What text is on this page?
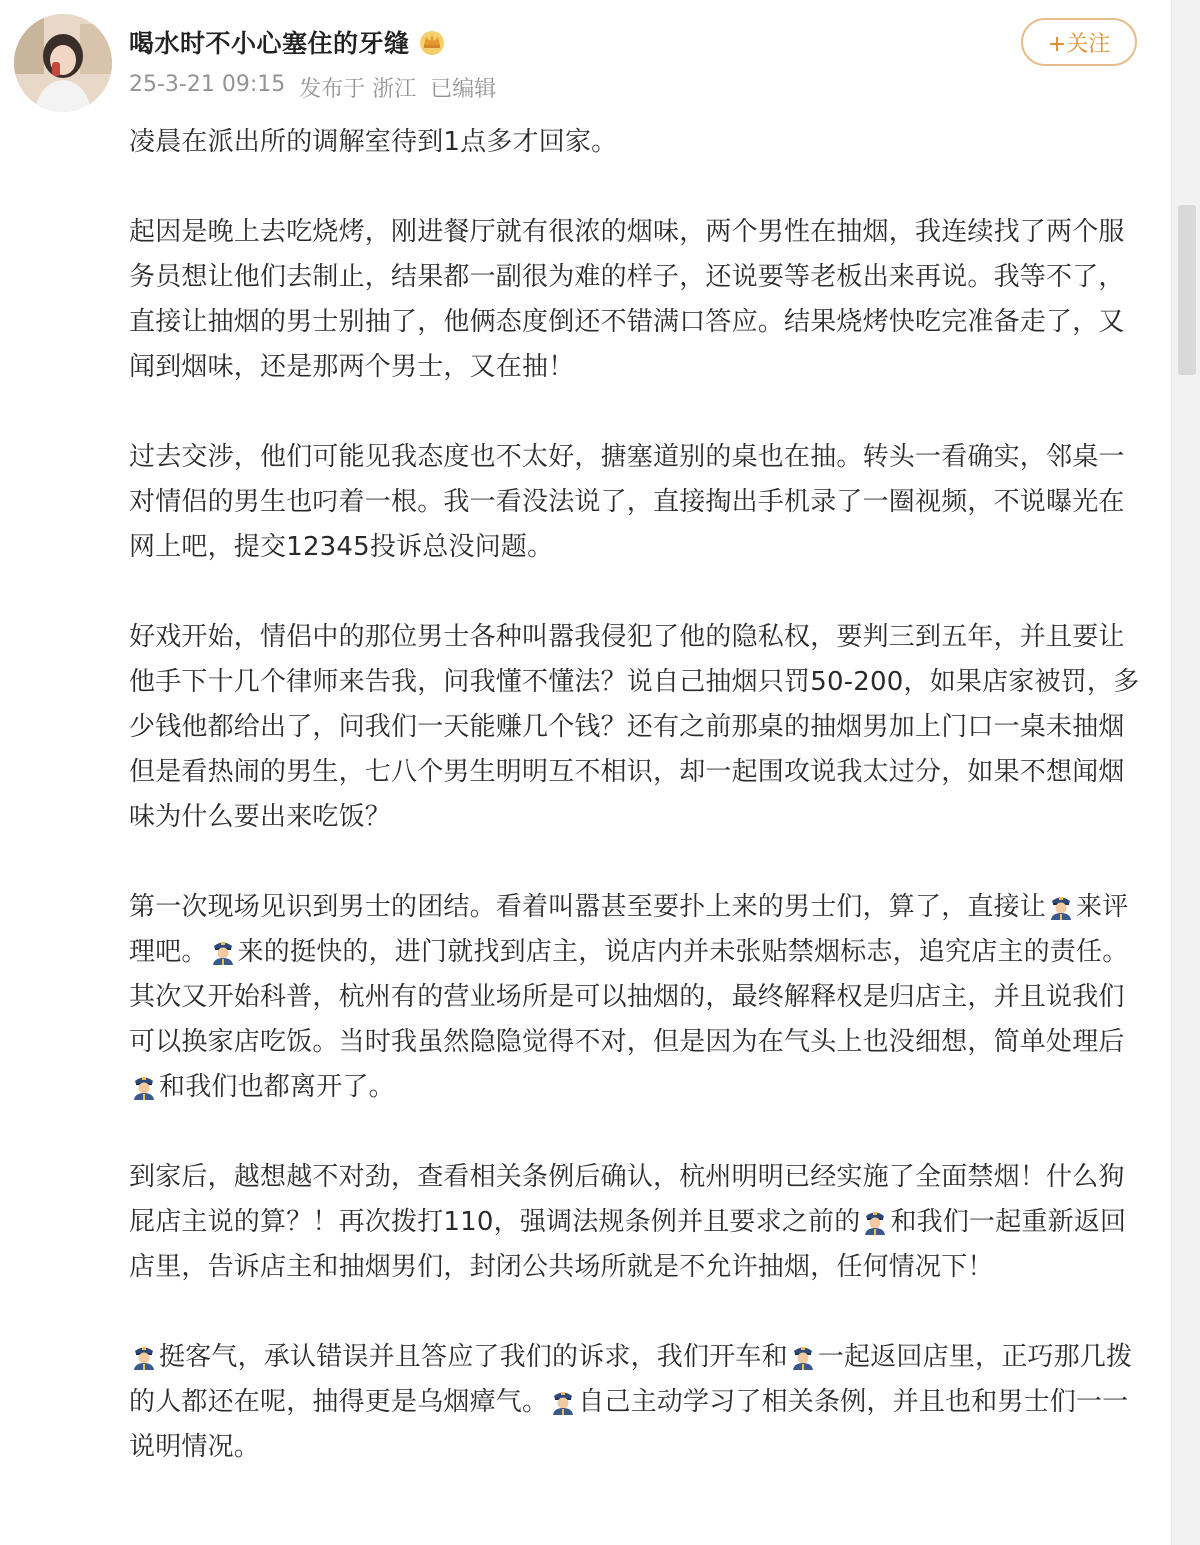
喝水时不小心塞住的牙缝
25-3-21 09:15 发布于 浙江 已编辑
+关注

凌晨在派出所的调解室待到1点多才回家。

起因是晚上去吃烧烤，刚进餐厅就有很浓的烟味，两个男性在抽烟，我连续找了两个服务员想让他们去制止，结果都一副很为难的样子，还说要等老板出来再说。我等不了，直接让抽烟的男士别抽了，他俩态度倒还不错满口答应。结果烧烤快吃完准备走了，又闻到烟味，还是那两个男士，又在抽！

过去交涉，他们可能见我态度也不太好，搪塞道别的桌也在抽。转头一看确实，邻桌一对情侣的男生也叼着一根。我一看没法说了，直接掏出手机录了一圈视频，不说曝光在网上吧，提交12345投诉总没问题。

好戏开始，情侣中的那位男士各种叫嚣我侵犯了他的隐私权，要判三到五年，并且要让他手下十几个律师来告我，问我懂不懂法？说自己抽烟只罚50-200，如果店家被罚，多少钱他都给出了，问我们一天能赚几个钱？还有之前那桌的抽烟男加上门口一桌未抽烟但是看热闹的男生，七八个男生明明互不相识，却一起围攻说我太过分，如果不想闻烟味为什么要出来吃饭？

第一次现场见识到男士的团结。看着叫嚣甚至要扑上来的男士们，算了，直接让 来评理吧。 来的挺快的，进门就找到店主，说店内并未张贴禁烟标志，追究店主的责任。其次又开始科普，杭州有的营业场所是可以抽烟的，最终解释权是归店主，并且说我们可以换家店吃饭。当时我虽然隐隐觉得不对，但是因为在气头上也没细想，简单处理后和我们也都离开了。

到家后，越想越不对劲，查看相关条例后确认，杭州明明已经实施了全面禁烟！什么狗屁店主说的算？！再次拨打110，强调法规条例并且要求之前的 和我们一起重新返回店里，告诉店主和抽烟男们，封闭公共场所就是不允许抽烟，任何情况下！

挺客气，承认错误并且答应了我们的诉求，我们开车和 一起返回店里，正巧那几拨的人都还在呢，抽得更是乌烟瘴气。 自己主动学习了相关条例，并且也和男士们一一说明情况。
